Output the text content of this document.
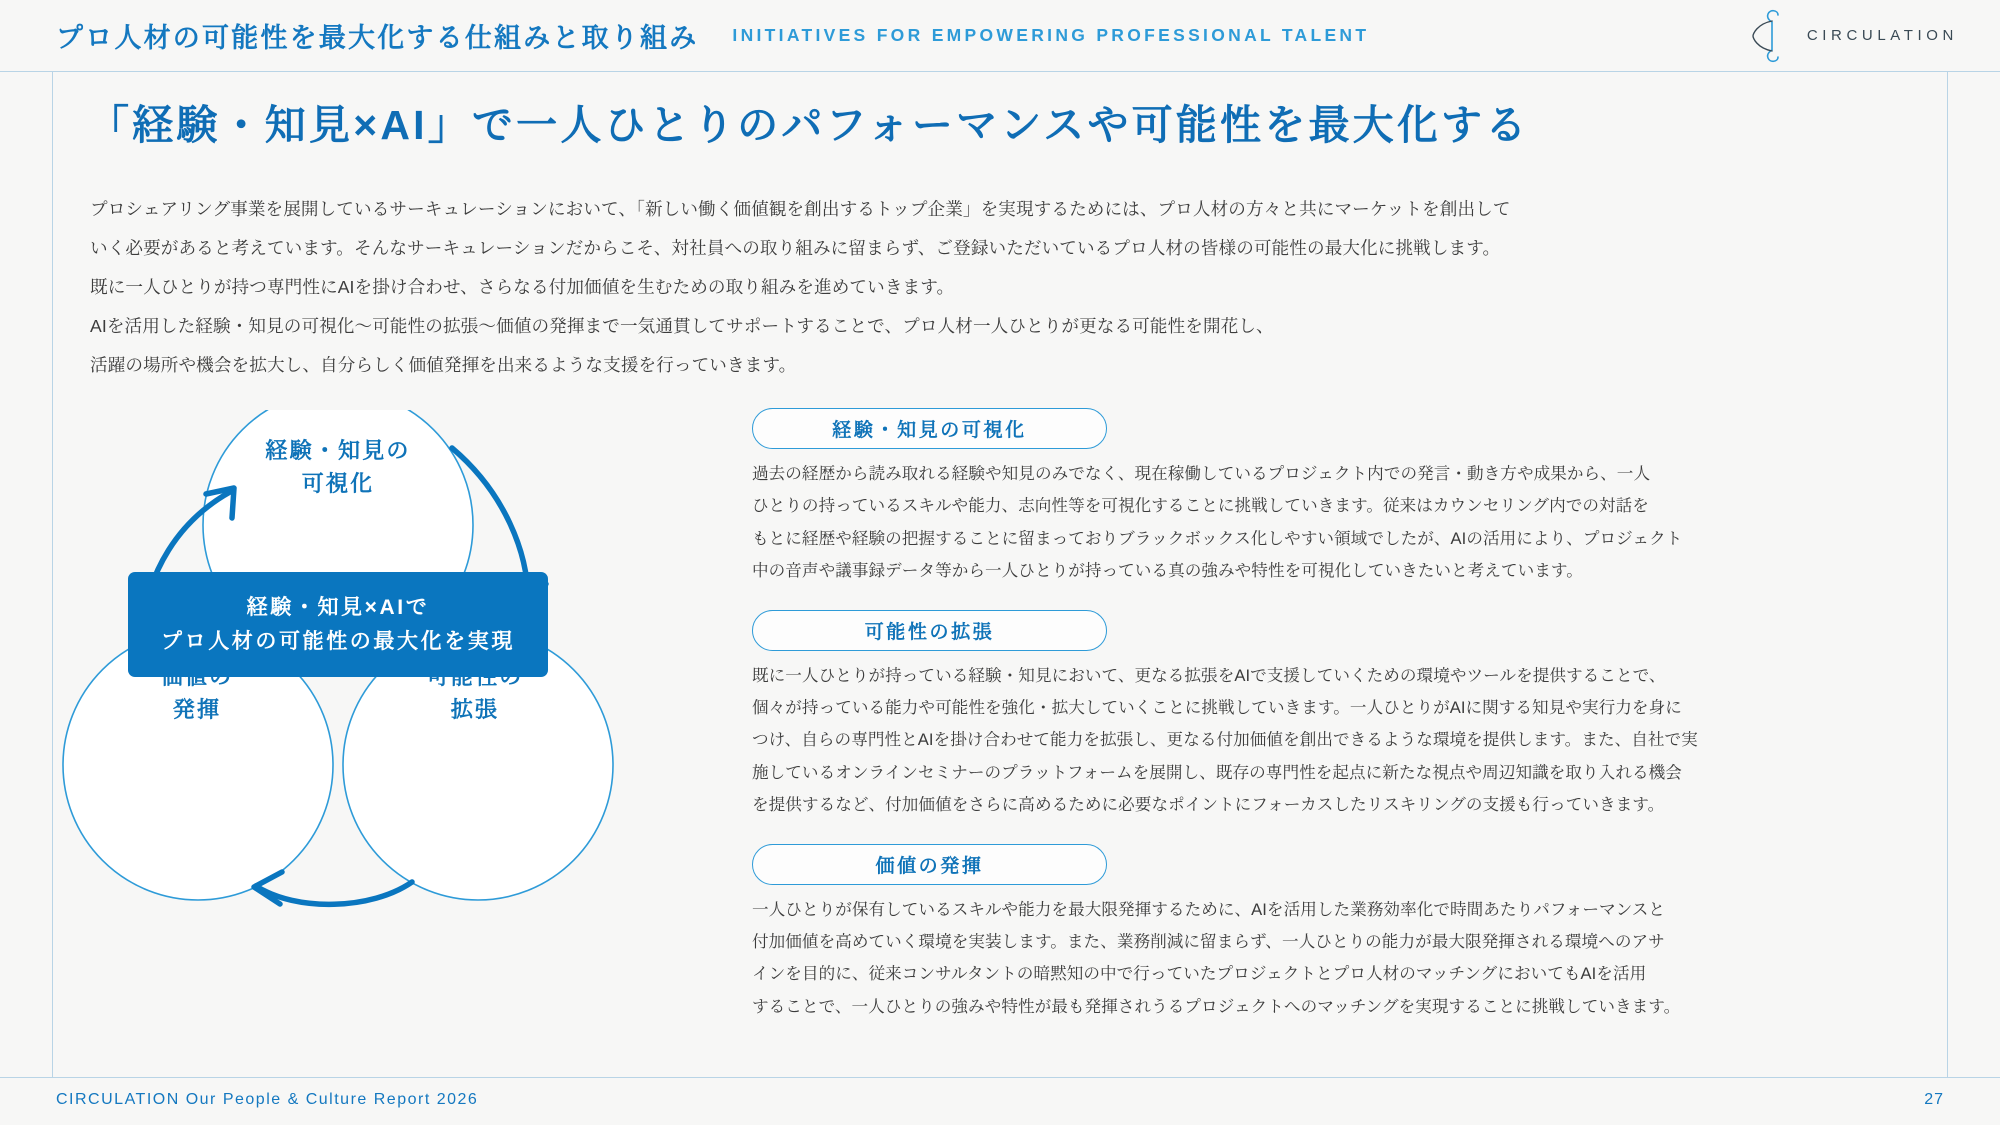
プロ人材の可能性を最大化する仕組みと取り組み INITIATIVES FOR EMPOWERING PROFESSIONAL TALENT	CIRCULATION
「経験・知見×AI」で一人ひとりのパフォーマンスや可能性を最大化する

プロシェアリング事業を展開しているサーキュレーションにおいて、「新しい働く価値観を創出するトップ企業」を実現するためには、プロ人材の方々と共にマーケットを創出して

いく必要があると考えています。そんなサーキュレーションだからこそ、対社員への取り組みに留まらず、ご登録いただいているプロ人材の皆様の可能性の最大化に挑戦します。

既に一人ひとりが持つ専門性にAIを掛け合わせ、さらなる付加価値を生むための取り組みを進めていきます。

AIを活用した経験・知見の可視化〜可能性の拡張〜価値の発揮まで一気通貫してサポートすることで、プロ人材一人ひとりが更なる可能性を開花し、

活躍の場所や機会を拡大し、自分らしく価値発揮を出来るような支援を行っていきます。

経験・知見の
可視化

発揮	拡張
経験・知見×AIで
プロ人材の可能性の最大化を実現
経験・知見の可視化

過去の経歴から読み取れる経験や知見のみでなく、現在稼働しているプロジェクト内での発言・動き方や成果から、一人

ひとりの持っているスキルや能力、志向性等を可視化することに挑戦していきます。従来はカウンセリング内での対話を

もとに経歴や経験の把握することに留まっておりブラックボックス化しやすい領域でしたが、AIの活用により、プロジェクト

中の音声や議事録データ等から一人ひとりが持っている真の強みや特性を可視化していきたいと考えています。

可能性の拡張

既に一人ひとりが持っている経験・知見において、更なる拡張をAIで支援していくための環境やツールを提供することで、

個々が持っている能力や可能性を強化・拡大していくことに挑戦していきます。一人ひとりがAIに関する知見や実行力を身に

つけ、自らの専門性とAIを掛け合わせて能力を拡張し、更なる付加価値を創出できるような環境を提供します。また、自社で実

施しているオンラインセミナーのプラットフォームを展開し、既存の専門性を起点に新たな視点や周辺知識を取り入れる機会

を提供するなど、付加価値をさらに高めるために必要なポイントにフォーカスしたリスキリングの支援も行っていきます。

価値の発揮

一人ひとりが保有しているスキルや能力を最大限発揮するために、AIを活用した業務効率化で時間あたりパフォーマンスと

付加価値を高めていく環境を実装します。また、業務削減に留まらず、一人ひとりの能力が最大限発揮される環境へのアサ

インを目的に、従来コンサルタントの暗黙知の中で行っていたプロジェクトとプロ人材のマッチングにおいてもAIを活用

することで、一人ひとりの強みや特性が最も発揮されうるプロジェクトへのマッチングを実現することに挑戦していきます。

CIRCULATION Our People & Culture Report 2026	27
